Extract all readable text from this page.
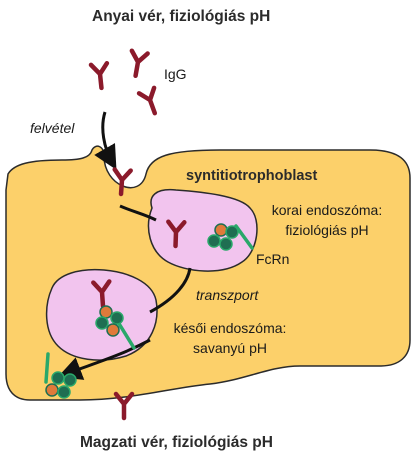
Anyai vér, fiziológiás pH
IgG
felvétel
syntitiotrophoblast
korai endoszóma:
fiziológiás pH
FcRn
transzport
késői endoszóma:
savanyú pH
Magzati vér, fiziológiás pH
